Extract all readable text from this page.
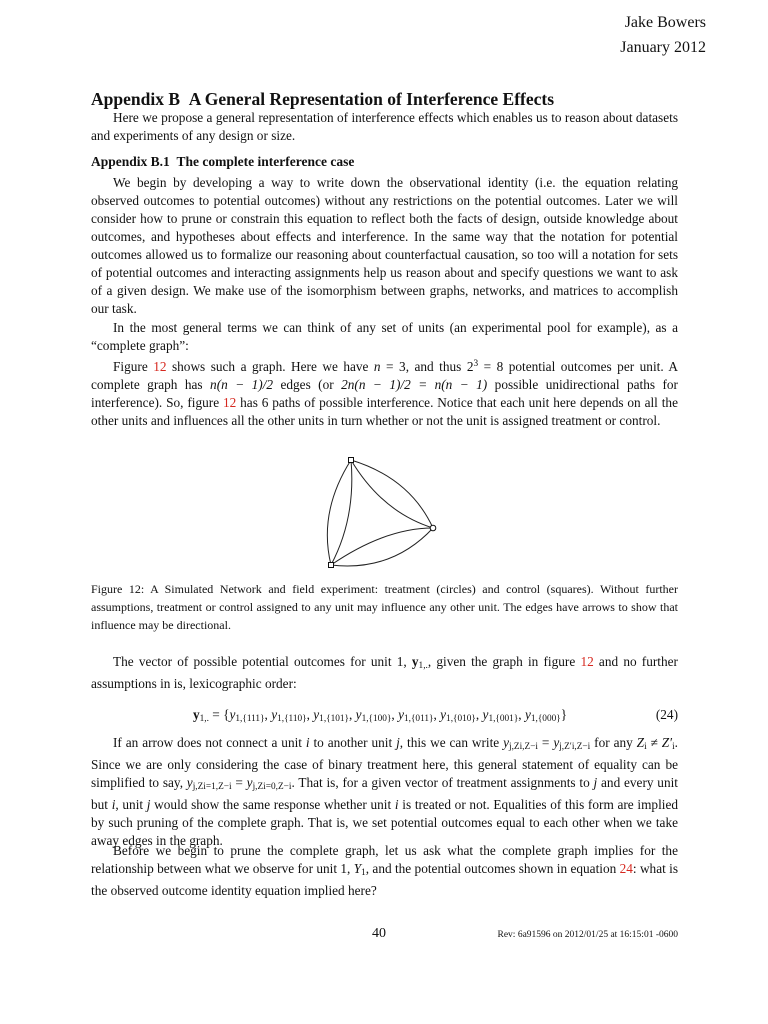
Jake Bowers
January 2012
Appendix B A General Representation of Interference Effects

Here we propose a general representation of interference effects which enables us to reason about datasets and experiments of any design or size.

Appendix B.1 The complete interference case

We begin by developing a way to write down the observational identity (i.e. the equation relating observed outcomes to potential outcomes) without any restrictions on the potential outcomes. Later we will consider how to prune or constrain this equation to reflect both the facts of design, outside knowledge about outcomes, and hypotheses about effects and interference. In the same way that the notation for potential outcomes allowed us to formalize our reasoning about counterfactual causation, so too will a notation for sets of potential outcomes and interacting assignments help us reason about and specify questions we want to ask of a given design. We make use of the isomorphism between graphs, networks, and matrices to accomplish our task.

In the most general terms we can think of any set of units (an experimental pool for example), as a “complete graph”:

Figure 12 shows such a graph. Here we have n = 3, and thus $2^3 = 8$ potential outcomes per unit. A complete graph has n(n − 1)/2 edges (or 2n(n − 1)/2 = n(n − 1) possible unidirectional paths for interference). So, figure 12 has 6 paths of possible interference. Notice that each unit here depends on all the other units and influences all the other units in turn whether or not the unit is assigned treatment or control.

Figure 12: A Simulated Network and field experiment: treatment (circles) and control (squares). Without further assumptions, treatment or control assigned to any unit may influence any other unit. The edges have arrows to show that influence may be directional.

The vector of possible potential outcomes for unit 1, $y_{1,.}$, given the graph in figure 12 and no further assumptions in is, lexicographic order:

$y_{1,.} = \{y_{1,\{111\}}$, $y_{1,\{110\}}$, $y_{1,\{101\}}$, $y_{1,\{100\}}$, $y_{1,\{011\}}$, $y_{1,\{010\}}$, $y_{1,\{001\}}$, $y_{1,\{000\}}$}	(24)

If an arrow does not connect a unit i to another unit j, this we can write $y_{j,Zi,Z-i} = y_{j,Z'i,Z-i}$ for any $Z_i \ne Z'_i$. Since we are only considering the case of binary treatment here, this general statement of equality can be simplified to say, $y_{j,Zi=1,Z-i} = y_{j,Zi=0,Z-i}$. That is, for a given vector of treatment assignments to j and every unit but i, unit j would show the same response whether unit i is treated or not. Equalities of this form are implied by such pruning of the complete graph. That is, we set potential outcomes equal to each other when we take away edges in the graph.

Before we begin to prune the complete graph, let us ask what the complete graph implies for the relationship between what we observe for unit 1, $Y_1$, and the potential outcomes shown in equation 24: what is the observed outcome identity equation implied here?

40	Rev: 6a91596 on 2012/01/25 at 16:15:01 -0600
